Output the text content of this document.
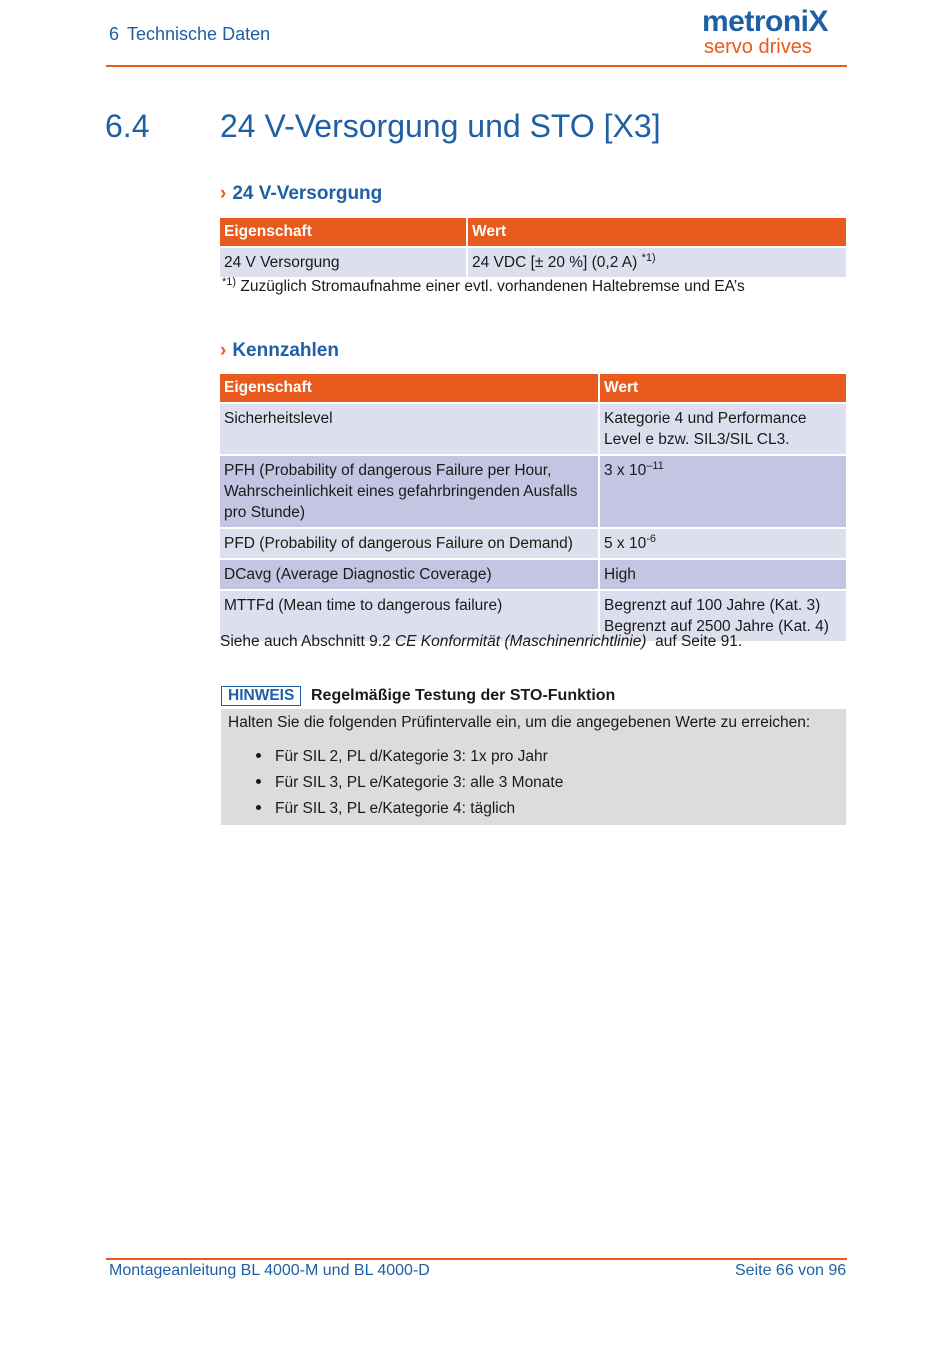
6 Technische Daten	metroniX
servo drives
6.4 24 V-Versorgung und STO [X3]
› 24 V-Versorgung
Eigenschaft	Wert
24 V Versorgung	24 VDC [± 20 %] (0,2 A) $^{*1)}$
$^{*1)}$ Zuzüglich Stromaufnahme einer evtl. vorhandenen Haltebremse und EA’s
› Kennzahlen
Eigenschaft	Wert
Sicherheitslevel	Kategorie 4 und Performance
Level e bzw. SIL3/SIL CL3.

PFH (Probability of dangerous Failure per Hour,
Wahrscheinlichkeit eines gefahrbringenden Ausfalls
pro Stunde)	3 x $10^{-11}$
PFD (Probability of dangerous Failure on Demand)	5 x $10^{-6}$
DCavg (Average Diagnostic Coverage)	High
MTTFd (Mean time to dangerous failure)	Begrenzt auf 100 Jahre (Kat. 3)
Begrenzt auf 2500 Jahre (Kat. 4)
Siehe auch Abschnitt 9.2 CE Konformität (Maschinenrichtlinie)  auf Seite 91.
HINWEIS	Regelmäßige Testung der STO-Funktion
Halten Sie die folgenden Prüfintervalle ein, um die angegebenen Werte zu erreichen:
Für SIL 2, PL d/Kategorie 3: 1x pro Jahr
Für SIL 3, PL e/Kategorie 3: alle 3 Monate
Für SIL 3, PL e/Kategorie 4: täglich
Montageanleitung BL 4000-M und BL 4000-D	Seite 66 von 96
